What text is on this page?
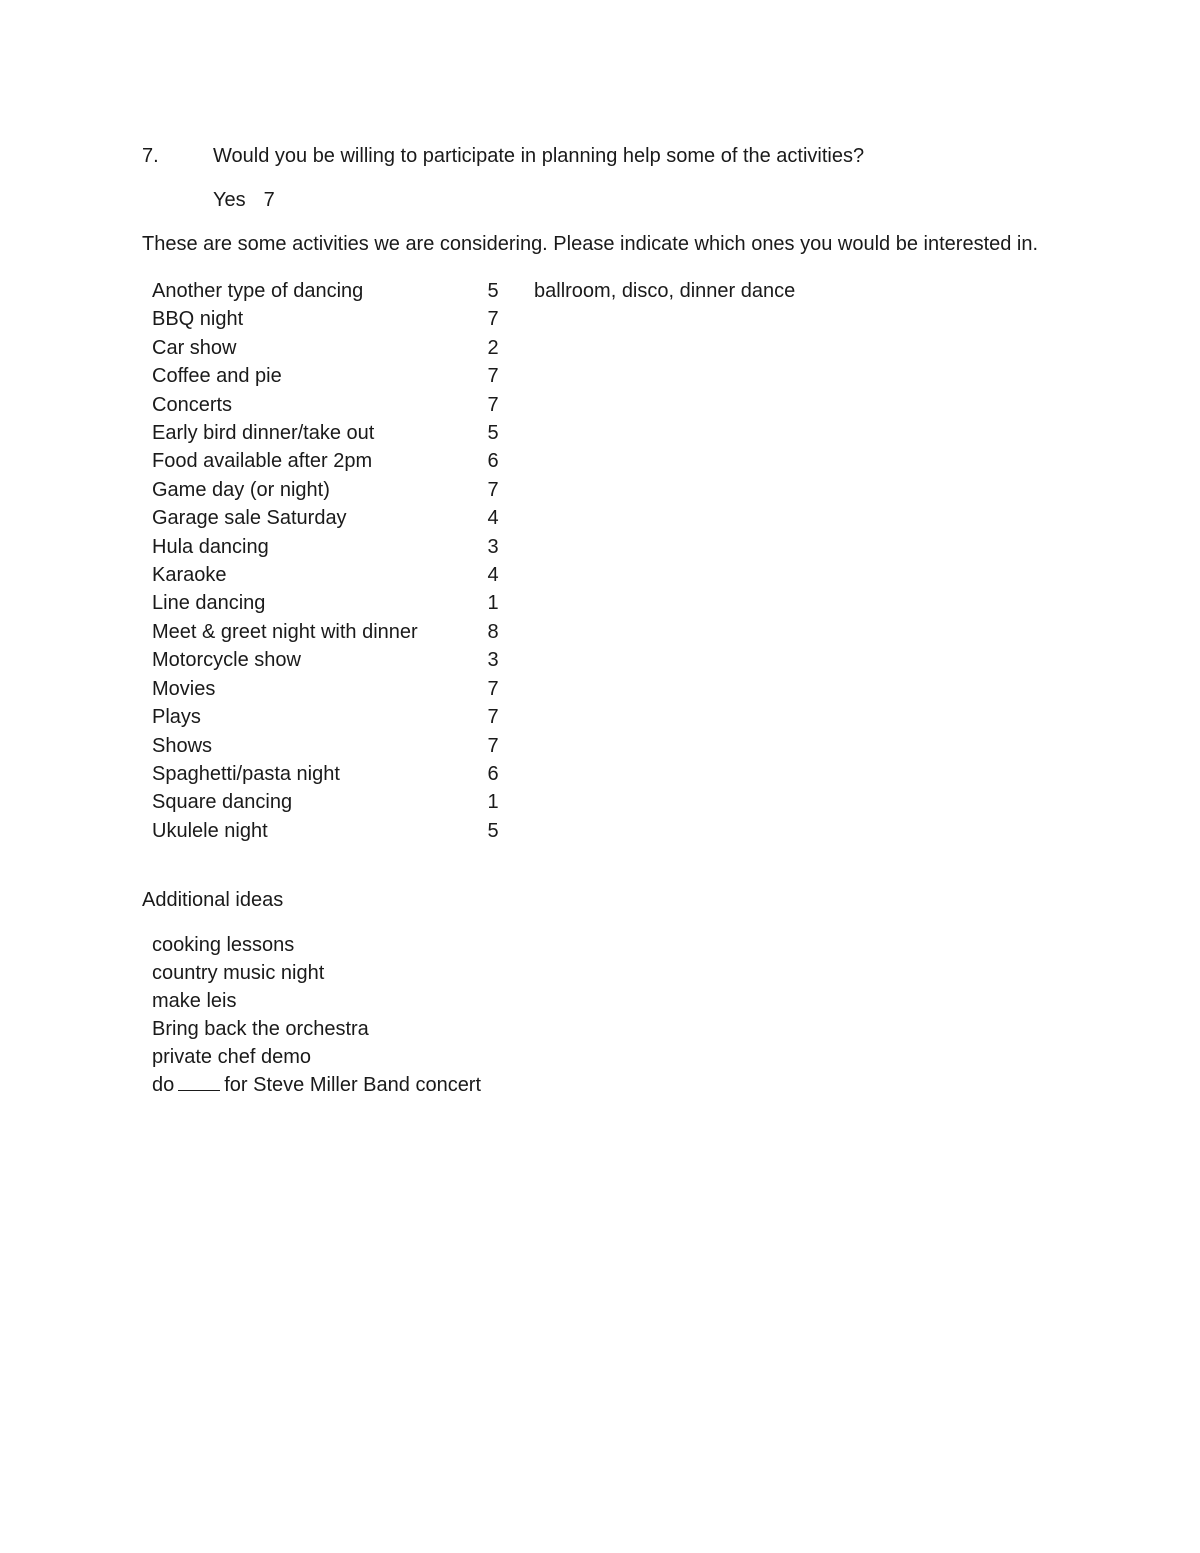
7.	Would you be willing to participate in planning help some of the activities?
Yes 7
These are some activities we are considering. Please indicate which ones you would be interested in.
Another type of dancing	5	ballroom, disco, dinner dance
BBQ night	7	
Car show	2	
Coffee and pie	7	
Concerts	7	
Early bird dinner/take out	5	
Food available after 2pm	6	
Game day (or night)	7	
Garage sale Saturday	4	
Hula dancing	3	
Karaoke	4	
Line dancing	1	
Meet & greet night with dinner	8	
Motorcycle show	3	
Movies	7	
Plays	7	
Shows	7	
Spaghetti/pasta night	6	
Square dancing	1	
Ukulele night	5	
Additional ideas
cooking lessons
country music night
make leis
Bring back the orchestra
private chef demo
do	for Steve Miller Band concert
